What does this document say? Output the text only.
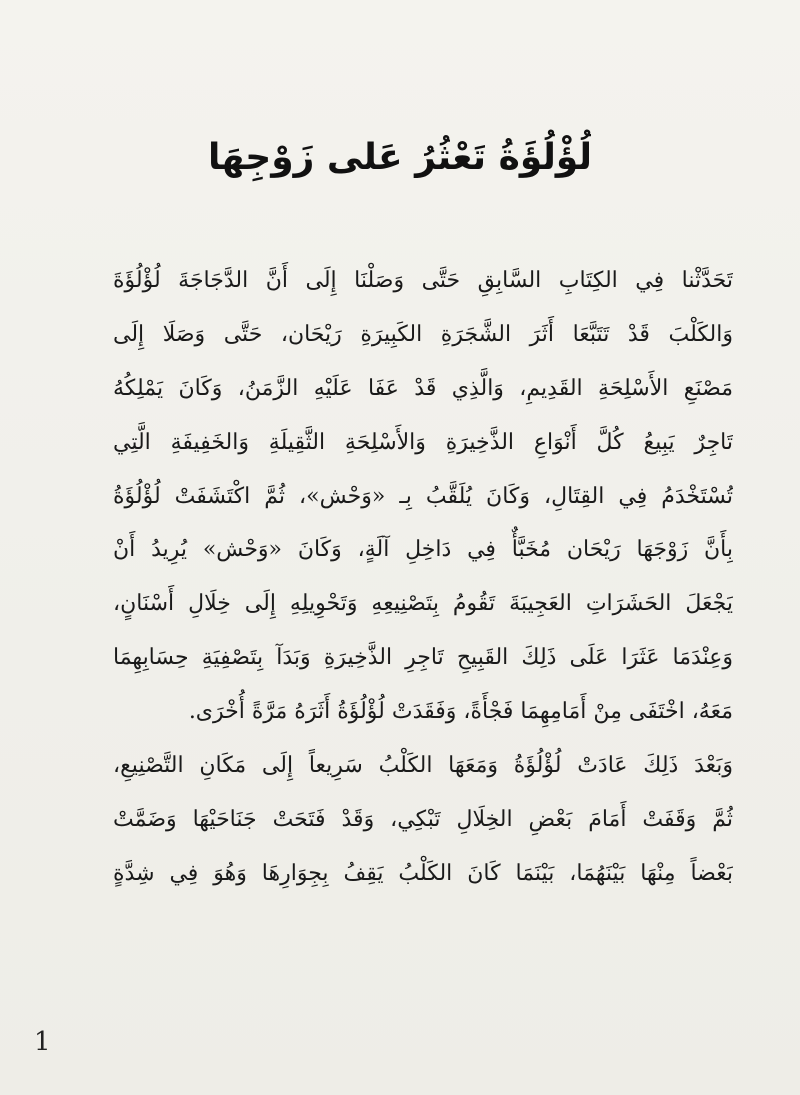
لُؤْلُؤَةُ تَعْثُرُ عَلى زَوْجِهَا
تَحَدَّثْنا فِي الكِتَابِ السَّابِقِ حَتَّى وَصَلْنَا إِلَى أَنَّ الدَّجَاجَةَ لُؤْلُؤَةَ
وَالكَلْبَ قَدْ تَتَبَّعَا أَثَرَ الشَّجَرَةِ الكَبِيرَةِ رَيْحَان، حَتَّى وَصَلَا إِلَى
مَصْنَعِ الأَسْلِحَةِ القَدِيمِ، وَالَّذِي قَدْ عَفَا عَلَيْهِ الزَّمَنُ، وَكَانَ يَمْلِكُهُ
تَاجِرٌ يَبِيعُ كُلَّ أَنْوَاعِ الذَّخِيرَةِ وَالأَسْلِحَةِ الثَّقِيلَةِ وَالخَفِيفَةِ الَّتِي
تُسْتَخْدَمُ فِي القِتَالِ، وَكَانَ يُلَقَّبُ بِـ «وَحْش»، ثُمَّ اكْتَشَفَتْ لُؤْلُؤَةُ
بِأَنَّ زَوْجَهَا رَيْحَان مُخَبَّأٌ فِي دَاخِلِ آلَةٍ، وَكَانَ «وَحْش» يُرِيدُ أَنْ
يَجْعَلَ الحَشَرَاتِ العَجِيبَةَ تَقُومُ بِتَصْنِيعِهِ وَتَحْوِيلِهِ إِلَى خِلَالِ أَسْنَانٍ،
وَعِنْدَمَا عَثَرَا عَلَى ذَلِكَ القَبِيحِ تَاجِرِ الذَّخِيرَةِ وَبَدَآ بِتَصْفِيَةِ حِسَابِهِمَا
مَعَهُ، اخْتَفَى مِنْ أَمَامِهِمَا فَجْأَةً، وَفَقَدَتْ لُؤْلُؤَةُ أَثَرَهُ مَرَّةً أُخْرَى.
وَبَعْدَ ذَلِكَ عَادَتْ لُؤْلُؤَةُ وَمَعَهَا الكَلْبُ سَرِيعاً إِلَى مَكَانِ التَّصْنِيعِ،
ثُمَّ وَقَفَتْ أَمَامَ بَعْضِ الخِلَالِ تَبْكِي، وَقَدْ فَتَحَتْ جَنَاحَيْهَا وَضَمَّتْ
بَعْضاً مِنْهَا بَيْنَهُمَا، بَيْنَمَا كَانَ الكَلْبُ يَقِفُ بِجِوَارِهَا وَهُوَ فِي شِدَّةٍ
1
